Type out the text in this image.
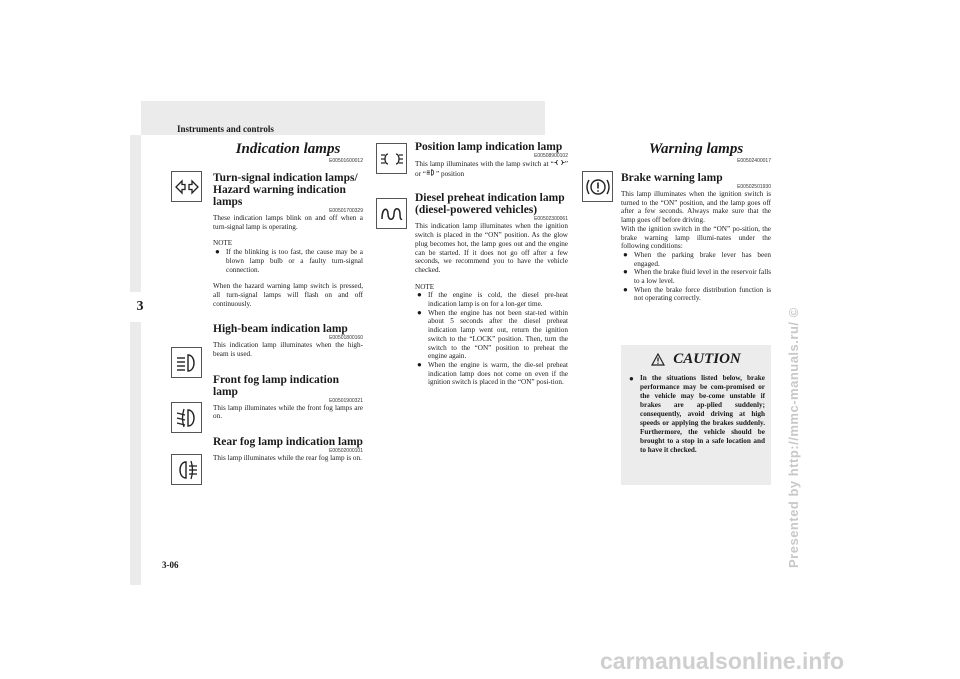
Instruments and controls
3
3-06	Presented by http://mmc-manuals.ru/ ©
carmanualsonline.info
Indication lamps
E00501600012
Turn-signal indication lamps/ Hazard warning indication lamps
E00501700329
These indication lamps blink on and off when a turn-signal lamp is operating.
NOTE
● If the blinking is too fast, the cause may be a blown lamp bulb or a faulty turn-signal connection.
When the hazard warning lamp switch is pressed, all turn-signal lamps will flash on and off continuously.
High-beam indication lamp
E00501800160
This indication lamp illuminates when the high-beam is used.
Front fog lamp indication lamp
E00501900321
This lamp illuminates while the front fog lamps are on.
Rear fog lamp indication lamp
E00502000101
This lamp illuminates while the rear fog lamp is on.
Position lamp indication lamp
E00508900102
This lamp illuminates with the lamp switch at “ ” or “ ” position
Diesel preheat indication lamp (diesel-powered vehicles)
E00502300061
This indication lamp illuminates when the ignition switch is placed in the “ON” position. As the glow plug becomes hot, the lamp goes out and the engine can be started. If it does not go off after a few seconds, we recommend you to have the vehicle checked.
NOTE
● If the engine is cold, the diesel pre-heat indication lamp is on for a lon-ger time.
● When the engine has not been star-ted within about 5 seconds after the diesel preheat indication lamp went out, return the ignition switch to the “LOCK” position. Then, turn the switch to the “ON” position to preheat the engine again.
● When the engine is warm, the die-sel preheat indication lamp does not come on even if the ignition switch is placed in the “ON” posi-tion.
Warning lamps
E00502400017
Brake warning lamp
E00502501930
This lamp illuminates when the ignition switch is turned to the “ON” position, and the lamp goes off after a few seconds. Always make sure that the lamp goes off before driving.
With the ignition switch in the “ON” po-sition, the brake warning lamp illumi-nates under the following conditions:
● When the parking brake lever has been engaged.
● When the brake fluid level in the reservoir falls to a low level.
● When the brake force distribution function is not operating correctly.
CAUTION
● In the situations listed below, brake performance may be com-promised or the vehicle may be-come unstable if brakes are ap-plied suddenly; consequently, avoid driving at high speeds or applying the brakes suddenly. Furthermore, the vehicle should be brought to a stop in a safe location and to have it checked.
